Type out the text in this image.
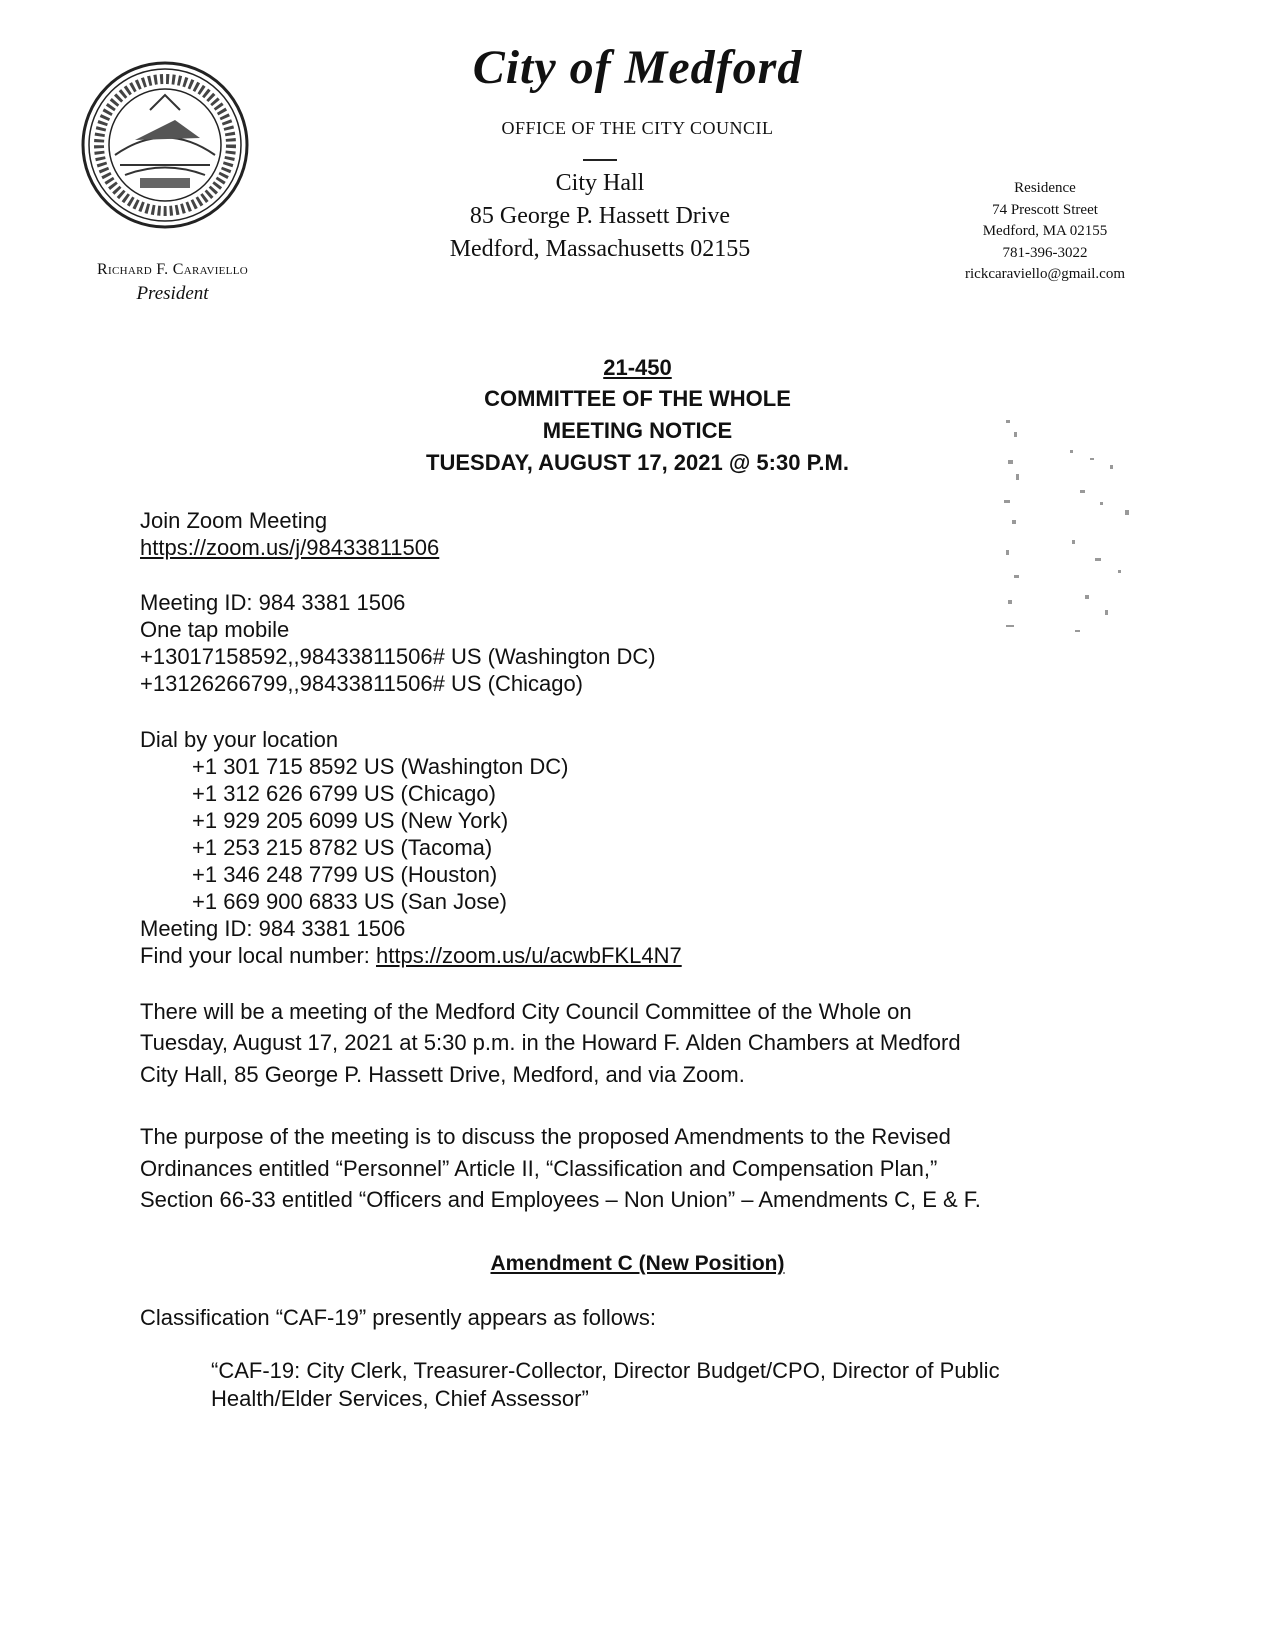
City of Medford
OFFICE OF THE CITY COUNCIL
City Hall
85 George P. Hassett Drive
Medford, Massachusetts 02155
Richard F. Caraviello
President
Residence
74 Prescott Street
Medford, MA 02155
781-396-3022
rickcaraviello@gmail.com
21-450
COMMITTEE OF THE WHOLE
MEETING NOTICE
TUESDAY, AUGUST 17, 2021 @ 5:30 P.M.
Join Zoom Meeting
https://zoom.us/j/98433811506
Meeting ID: 984 3381 1506
One tap mobile
+13017158592,,98433811506# US (Washington DC)
+13126266799,,98433811506# US (Chicago)
Dial by your location
+1 301 715 8592 US (Washington DC)
+1 312 626 6799 US (Chicago)
+1 929 205 6099 US (New York)
+1 253 215 8782 US (Tacoma)
+1 346 248 7799 US (Houston)
+1 669 900 6833 US (San Jose)
Meeting ID: 984 3381 1506
Find your local number: https://zoom.us/u/acwbFKL4N7
There will be a meeting of the Medford City Council Committee of the Whole on
Tuesday, August 17, 2021 at 5:30 p.m. in the Howard F. Alden Chambers at Medford
City Hall, 85 George P. Hassett Drive, Medford, and via Zoom.
The purpose of the meeting is to discuss the proposed Amendments to the Revised
Ordinances entitled “Personnel” Article II, “Classification and Compensation Plan,”
Section 66-33 entitled “Officers and Employees – Non Union” – Amendments C, E & F.
Amendment C (New Position)
Classification “CAF-19” presently appears as follows:
“CAF-19: City Clerk, Treasurer-Collector, Director Budget/CPO, Director of Public
Health/Elder Services, Chief Assessor”
